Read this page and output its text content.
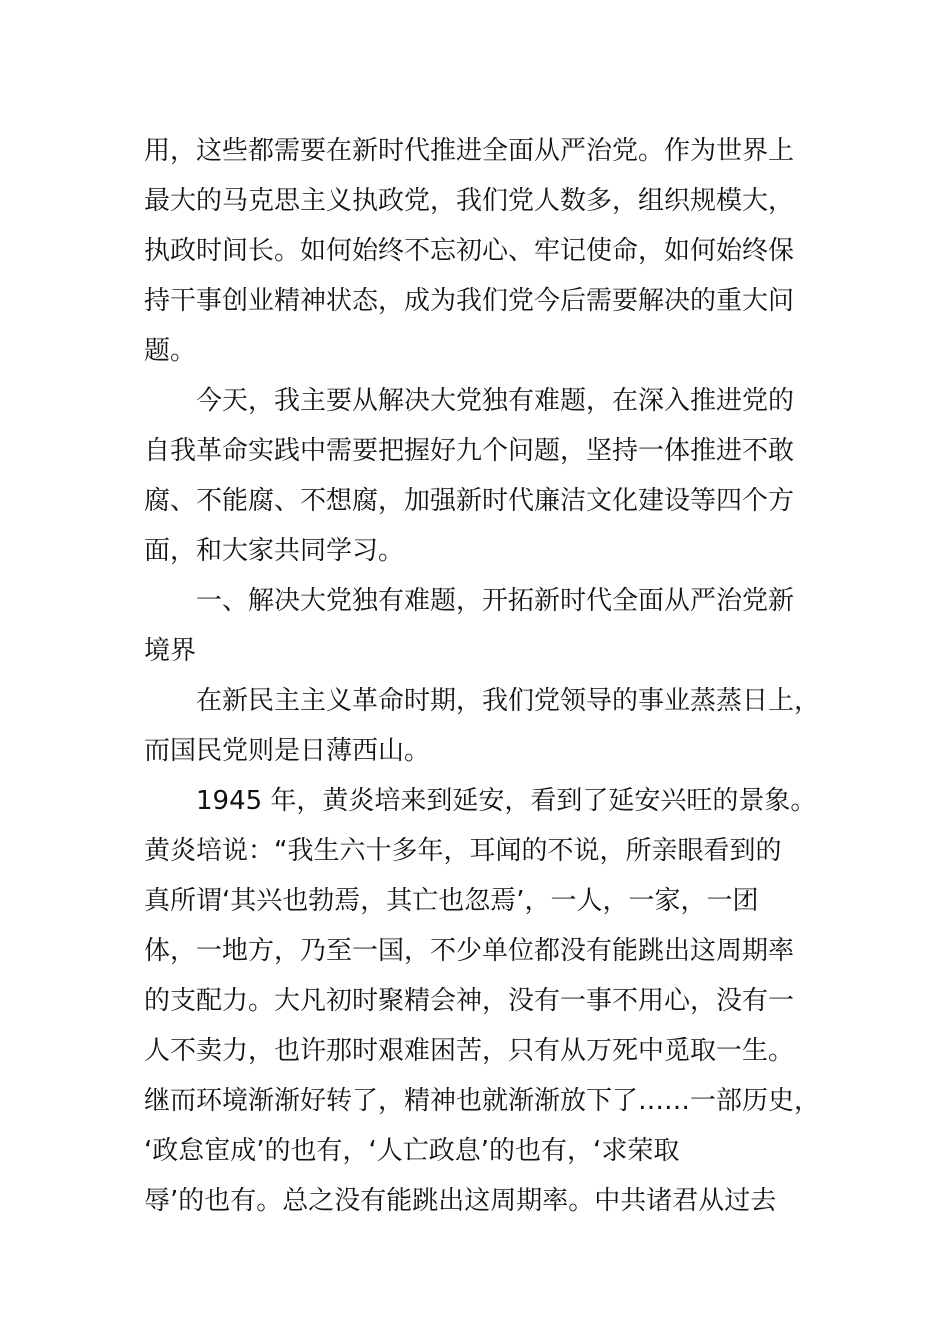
用，这些都需要在新时代推进全面从严治党。作为世界上
最大的马克思主义执政党，我们党人数多，组织规模大，
执政时间长。如何始终不忘初心、牢记使命，如何始终保
持干事创业精神状态，成为我们党今后需要解决的重大问
题。
今天，我主要从解决大党独有难题，在深入推进党的
自我革命实践中需要把握好九个问题，坚持一体推进不敢
腐、不能腐、不想腐，加强新时代廉洁文化建设等四个方
面，和大家共同学习。
一、解决大党独有难题，开拓新时代全面从严治党新
境界
在新民主主义革命时期，我们党领导的事业蒸蒸日上，
而国民党则是日薄西山。
1945 年，黄炎培来到延安，看到了延安兴旺的景象。
黄炎培说：“我生六十多年，耳闻的不说，所亲眼看到的
真所谓‘其兴也勃焉，其亡也忽焉’，一人，一家，一团
体，一地方，乃至一国，不少单位都没有能跳出这周期率
的支配力。大凡初时聚精会神，没有一事不用心，没有一
人不卖力，也许那时艰难困苦，只有从万死中觅取一生。
继而环境渐渐好转了，精神也就渐渐放下了……一部历史，
‘政怠宦成’的也有，‘人亡政息’的也有，‘求荣取
辱’的也有。总之没有能跳出这周期率。中共诸君从过去
